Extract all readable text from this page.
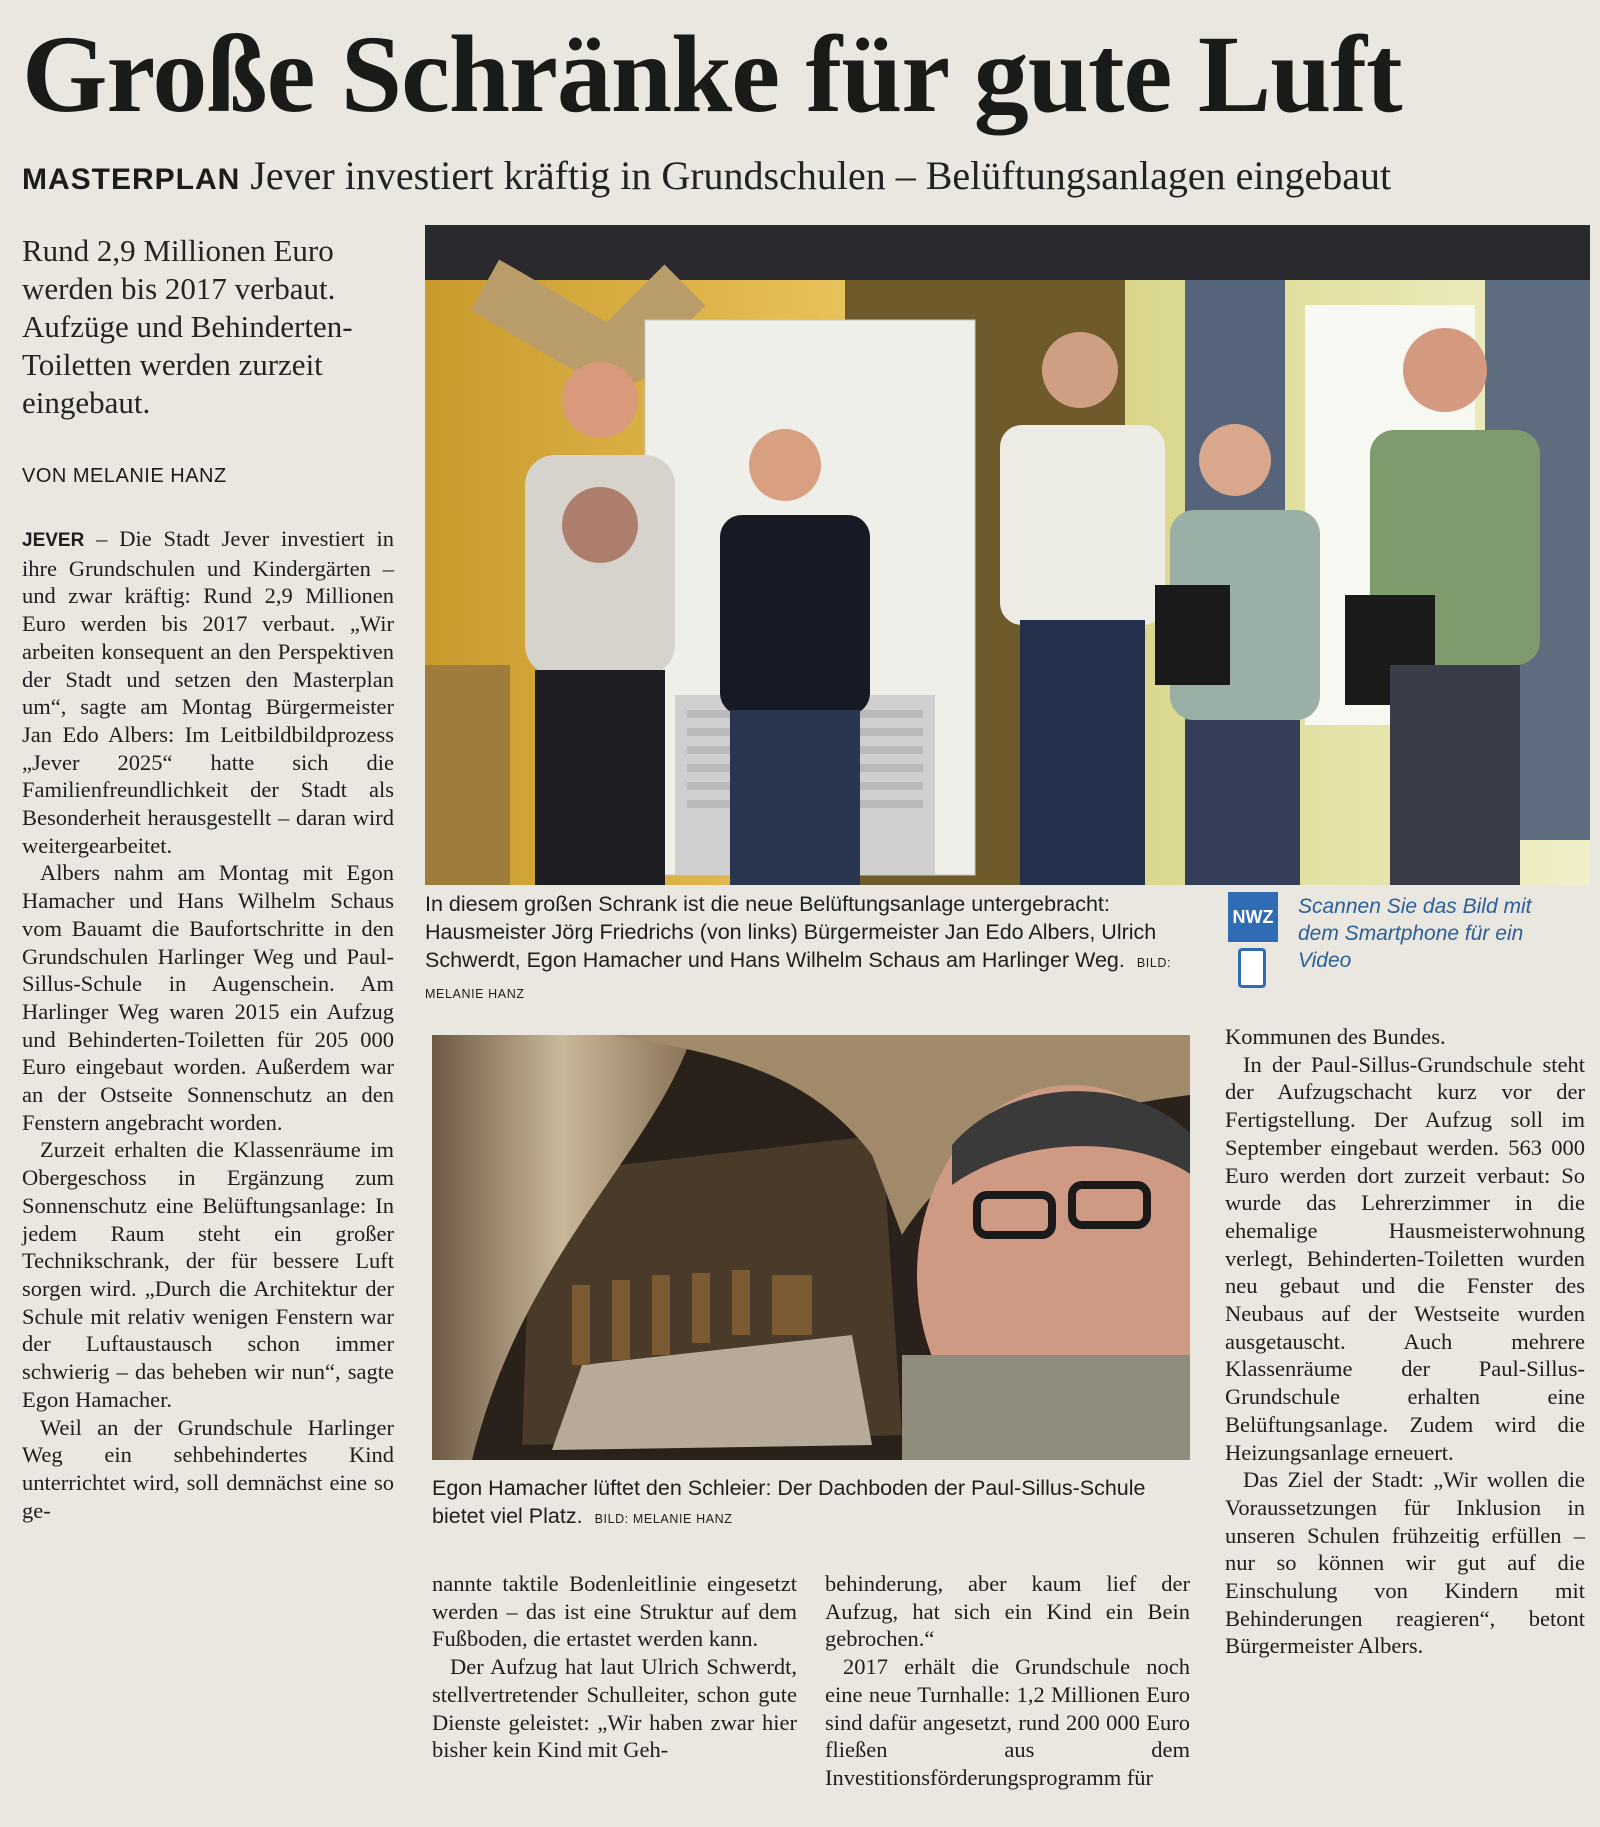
Große Schränke für gute Luft
MASTERPLAN Jever investiert kräftig in Grundschulen – Belüftungsanlagen eingebaut

Rund 2,9 Millionen Euro werden bis 2017 verbaut. Aufzüge und Behinderten-Toiletten werden zurzeit eingebaut.

VON MELANIE HANZ

JEVER – Die Stadt Jever investiert in ihre Grundschulen und Kindergärten – und zwar kräftig: Rund 2,9 Millionen Euro werden bis 2017 verbaut. „Wir arbeiten konsequent an den Perspektiven der Stadt und setzen den Masterplan um“, sagte am Montag Bürgermeister Jan Edo Albers: Im Leitbildbildprozess „Jever 2025“ hatte sich die Familienfreundlichkeit der Stadt als Besonderheit herausgestellt – daran wird weitergearbeitet.

Albers nahm am Montag mit Egon Hamacher und Hans Wilhelm Schaus vom Bauamt die Baufortschritte in den Grundschulen Harlinger Weg und Paul-Sillus-Schule in Augenschein. Am Harlinger Weg waren 2015 ein Aufzug und Behinderten-Toiletten für 205 000 Euro eingebaut worden. Außerdem war an der Ostseite Sonnenschutz an den Fenstern angebracht worden.

Zurzeit erhalten die Klassenräume im Obergeschoss in Ergänzung zum Sonnenschutz eine Belüftungsanlage: In jedem Raum steht ein großer Technikschrank, der für bessere Luft sorgen wird. „Durch die Architektur der Schule mit relativ wenigen Fenstern war der Luftaustausch schon immer schwierig – das beheben wir nun“, sagte Egon Hamacher.

Weil an der Grundschule Harlinger Weg ein sehbehindertes Kind unterrichtet wird, soll demnächst eine so ge-

In diesem großen Schrank ist die neue Belüftungsanlage untergebracht: Hausmeister Jörg Friedrichs (von links) Bürgermeister Jan Edo Albers, Ulrich Schwerdt, Egon Hamacher und Hans Wilhelm Schaus am Harlinger Weg. BILD: MELANIE HANZ
NWZ Scannen Sie das Bild mit dem Smartphone für ein Video
Egon Hamacher lüftet den Schleier: Der Dachboden der Paul-Sillus-Schule bietet viel Platz. BILD: MELANIE HANZ

nannte taktile Bodenleitlinie eingesetzt werden – das ist eine Struktur auf dem Fußboden, die ertastet werden kann.

Der Aufzug hat laut Ulrich Schwerdt, stellvertretender Schulleiter, schon gute Dienste geleistet: „Wir haben zwar hier bisher kein Kind mit Geh-

behinderung, aber kaum lief der Aufzug, hat sich ein Kind ein Bein gebrochen.“

2017 erhält die Grundschule noch eine neue Turnhalle: 1,2 Millionen Euro sind dafür angesetzt, rund 200 000 Euro fließen aus dem Investitionsförderungsprogramm für

Kommunen des Bundes.

In der Paul-Sillus-Grundschule steht der Aufzugschacht kurz vor der Fertigstellung. Der Aufzug soll im September eingebaut werden. 563 000 Euro werden dort zurzeit verbaut: So wurde das Lehrerzimmer in die ehemalige Hausmeisterwohnung verlegt, Behinderten-Toiletten wurden neu gebaut und die Fenster des Neubaus auf der Westseite wurden ausgetauscht. Auch mehrere Klassenräume der Paul-Sillus-Grundschule erhalten eine Belüftungsanlage. Zudem wird die Heizungsanlage erneuert.

Das Ziel der Stadt: „Wir wollen die Voraussetzungen für Inklusion in unseren Schulen frühzeitig erfüllen – nur so können wir gut auf die Einschulung von Kindern mit Behinderungen reagieren“, betont Bürgermeister Albers.
